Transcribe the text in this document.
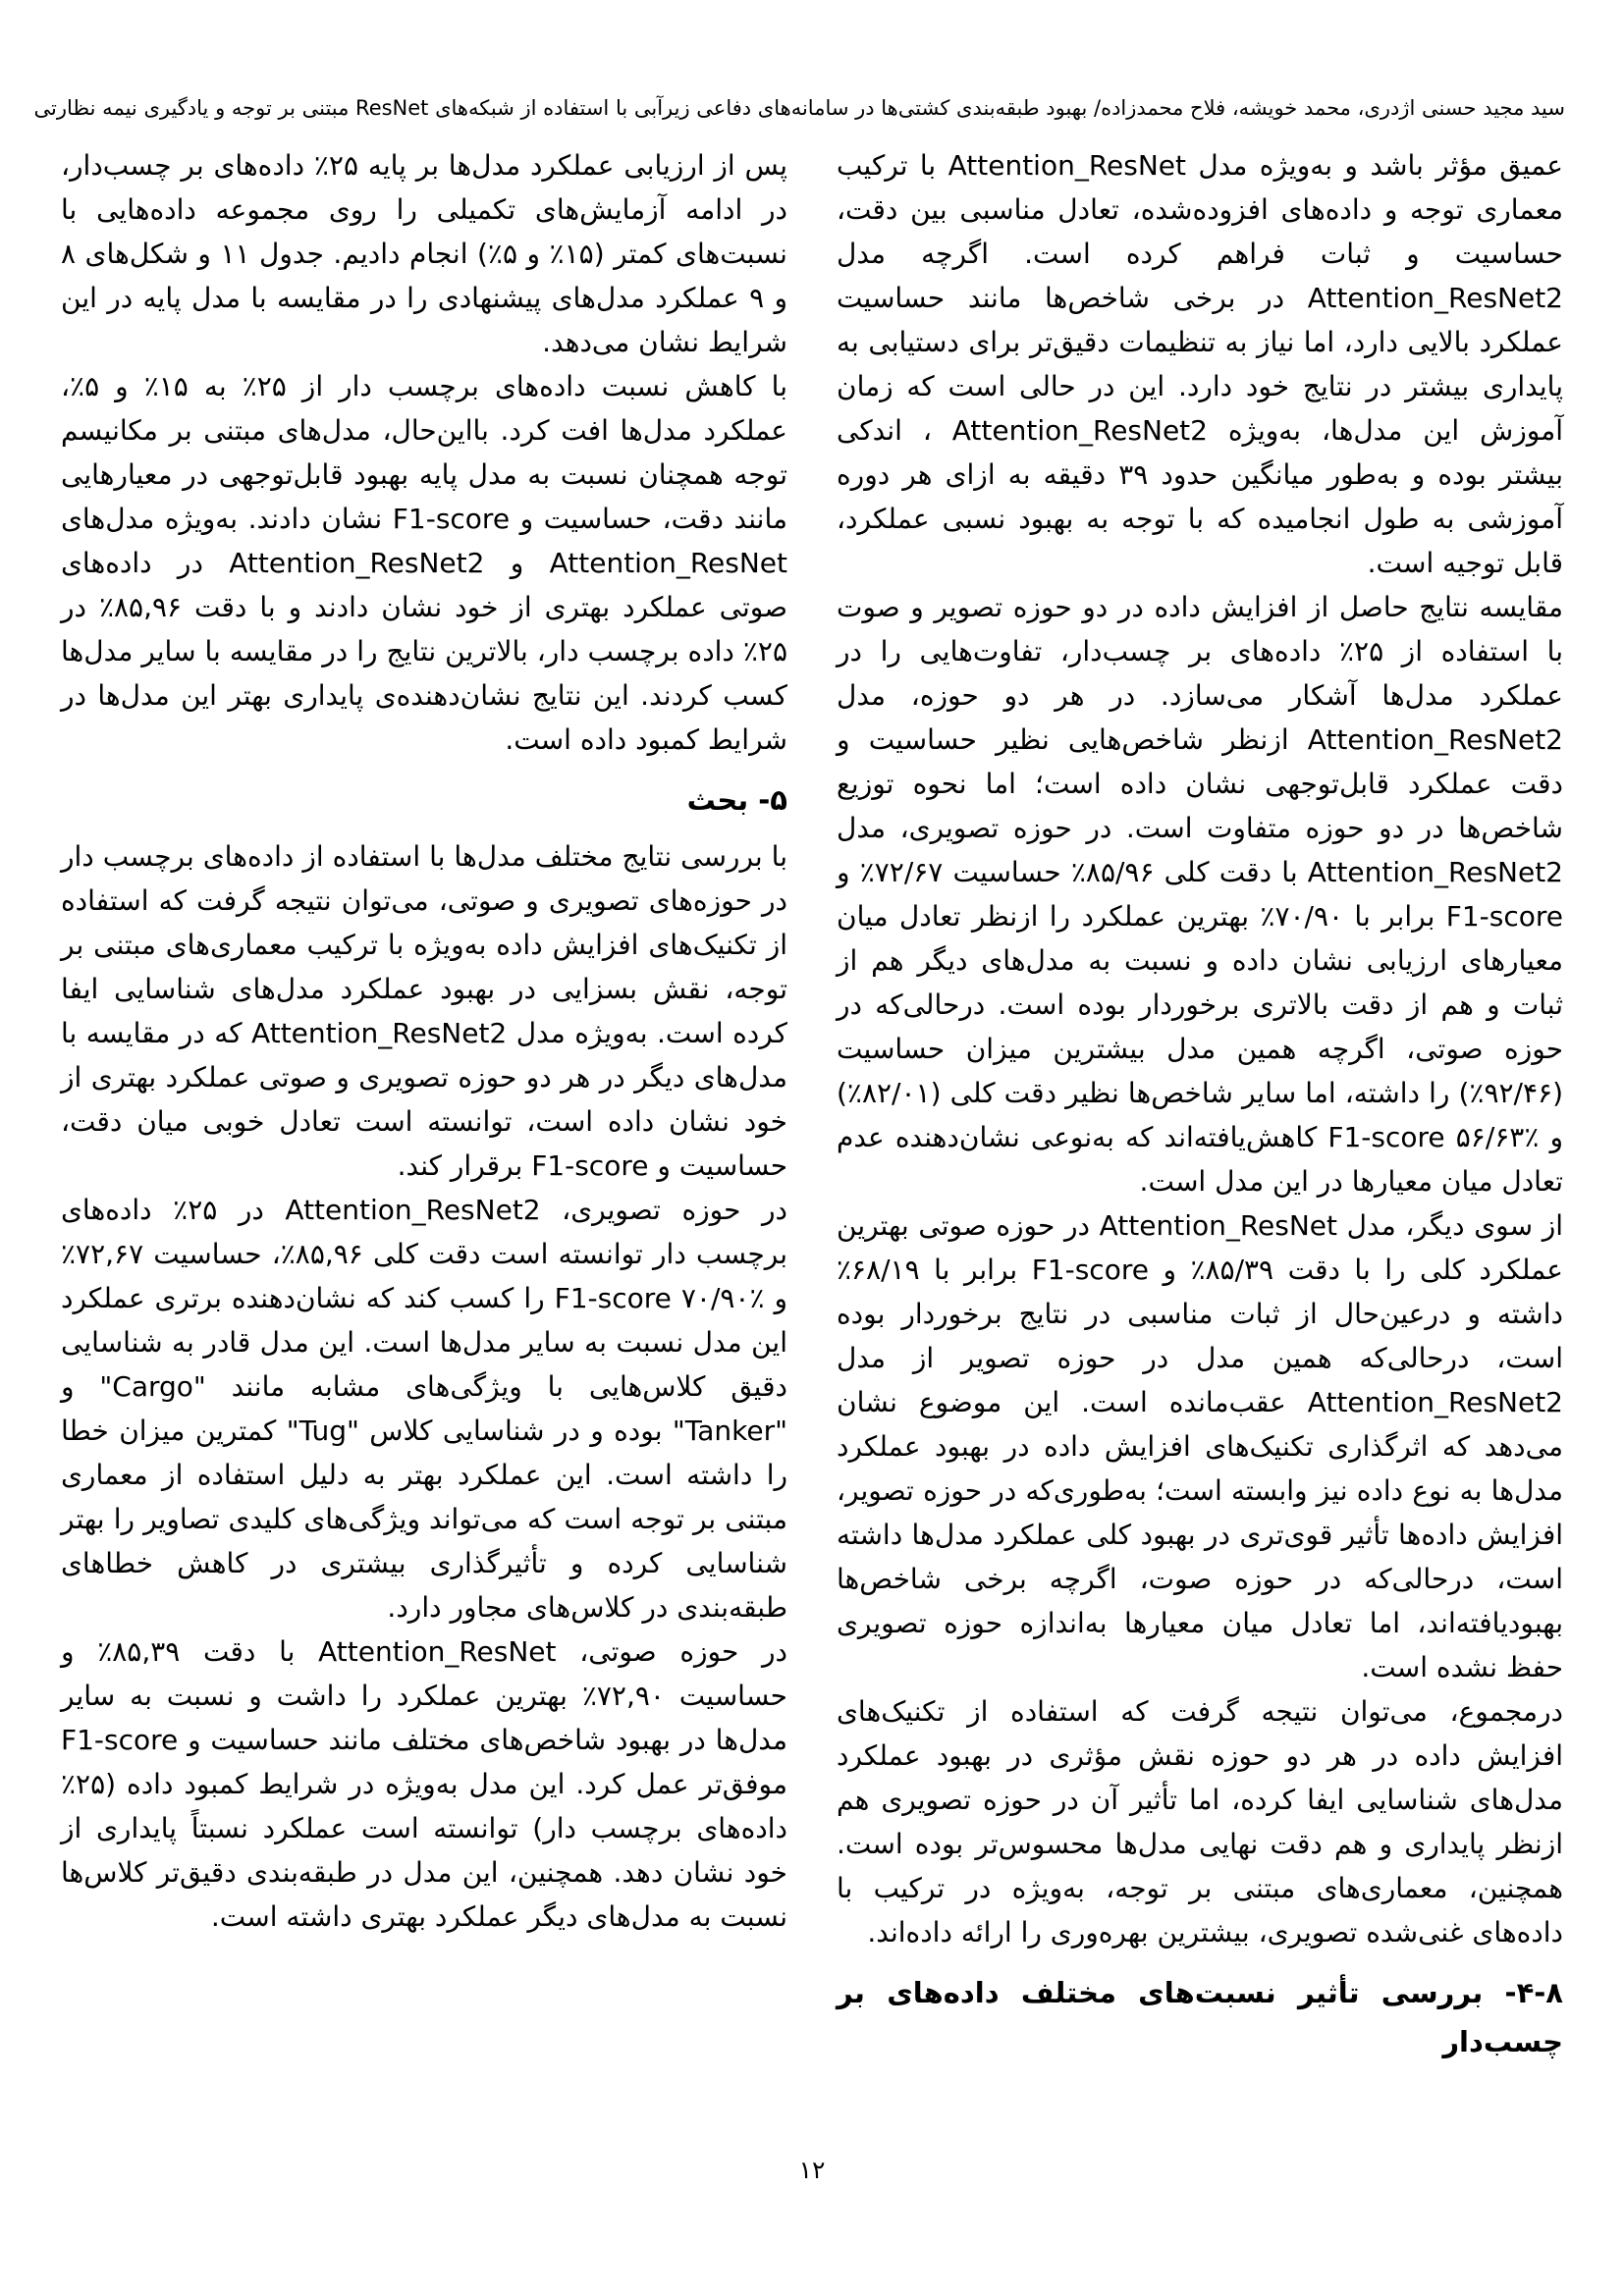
سید مجید حسنی اژدری، محمد خویشه، فلاح محمدزاده/ بهبود طبقه‌بندی کشتی‌ها در سامانه‌های دفاعی زیرآبی با استفاده از شبکه‌های ResNet مبتنی بر توجه و یادگیری نیمه نظارتی

عمیق مؤثر باشد و به‌ویژه مدل Attention_ResNet با ترکیب معماری توجه و داده‌های افزوده‌شده، تعادل مناسبی بین دقت، حساسیت و ثبات فراهم کرده است. اگرچه مدل Attention_ResNet2 در برخی شاخص‌ها مانند حساسیت عملکرد بالایی دارد، اما نیاز به تنظیمات دقیق‌تر برای دستیابی به پایداری بیشتر در نتایج خود دارد. این در حالی است که زمان آموزش این مدل‌ها، به‌ویژه Attention_ResNet2 ، اندکی بیشتر بوده و به‌طور میانگین حدود ۳۹ دقیقه به ازای هر دوره آموزشی به طول انجامیده که با توجه به بهبود نسبی عملکرد، قابل توجیه است.

مقایسه نتایج حاصل از افزایش داده در دو حوزه تصویر و صوت با استفاده از ۲۵٪ داده‌های بر چسب‌دار، تفاوت‌هایی را در عملکرد مدل‌ها آشکار می‌سازد. در هر دو حوزه، مدل Attention_ResNet2 ازنظر شاخص‌هایی نظیر حساسیت و دقت عملکرد قابل‌توجهی نشان داده است؛ اما نحوه توزیع شاخص‌ها در دو حوزه متفاوت است. در حوزه تصویری، مدل Attention_ResNet2 با دقت کلی ۸۵/۹۶٪ حساسیت ۷۲/۶۷٪ و F1-score برابر با ۷۰/۹۰٪ بهترین عملکرد را ازنظر تعادل میان معیارهای ارزیابی نشان داده و نسبت به مدل‌های دیگر هم از ثبات و هم از دقت بالاتری برخوردار بوده است. درحالی‌که در حوزه صوتی، اگرچه همین مدل بیشترین میزان حساسیت (۹۲/۴۶٪) را داشته، اما سایر شاخص‌ها نظیر دقت کلی (۸۲/۰۱٪) و F1-score ۵۶/۶۳٪ کاهش‌یافته‌اند که به‌نوعی نشان‌دهنده عدم تعادل میان معیارها در این مدل است.

از سوی دیگر، مدل Attention_ResNet در حوزه صوتی بهترین عملکرد کلی را با دقت ۸۵/۳۹٪ و F1-score برابر با ۶۸/۱۹٪ داشته و درعین‌حال از ثبات مناسبی در نتایج برخوردار بوده است، درحالی‌که همین مدل در حوزه تصویر از مدل Attention_ResNet2 عقب‌مانده است. این موضوع نشان می‌دهد که اثرگذاری تکنیک‌های افزایش داده در بهبود عملکرد مدل‌ها به نوع داده نیز وابسته است؛ به‌طوری‌که در حوزه تصویر، افزایش داده‌ها تأثیر قوی‌تری در بهبود کلی عملکرد مدل‌ها داشته است، درحالی‌که در حوزه صوت، اگرچه برخی شاخص‌ها بهبودیافته‌اند، اما تعادل میان معیارها به‌اندازه حوزه تصویری حفظ نشده است.

درمجموع، می‌توان نتیجه گرفت که استفاده از تکنیک‌های افزایش داده در هر دو حوزه نقش مؤثری در بهبود عملکرد مدل‌های شناسایی ایفا کرده، اما تأثیر آن در حوزه تصویری هم ازنظر پایداری و هم دقت نهایی مدل‌ها محسوس‌تر بوده است. همچنین، معماری‌های مبتنی بر توجه، به‌ویژه در ترکیب با داده‌های غنی‌شده تصویری، بیشترین بهره‌وری را ارائه داده‌اند.

۴-۸- بررسی تأثیر نسبت‌های مختلف داده‌های بر چسب‌دار

پس از ارزیابی عملکرد مدل‌ها بر پایه ۲۵٪ داده‌های بر چسب‌دار، در ادامه آزمایش‌های تکمیلی را روی مجموعه داده‌هایی با نسبت‌های کمتر (۱۵٪ و ۵٪) انجام دادیم. جدول ۱۱ و شکل‌های ۸ و ۹ عملکرد مدل‌های پیشنهادی را در مقایسه با مدل پایه در این شرایط نشان می‌دهد.

با کاهش نسبت داده‌های برچسب دار از ۲۵٪ به ۱۵٪ و ۵٪، عملکرد مدل‌ها افت کرد. بااین‌حال، مدل‌های مبتنی بر مکانیسم توجه همچنان نسبت به مدل پایه بهبود قابل‌توجهی در معیارهایی مانند دقت، حساسیت و F1-score نشان دادند. به‌ویژه مدل‌های Attention_ResNet و Attention_ResNet2 در داده‌های صوتی عملکرد بهتری از خود نشان دادند و با دقت ۸۵,۹۶٪ در ۲۵٪ داده برچسب دار، بالاترین نتایج را در مقایسه با سایر مدل‌ها کسب کردند. این نتایج نشان‌دهنده‌ی پایداری بهتر این مدل‌ها در شرایط کمبود داده است.

۵- بحث

با بررسی نتایج مختلف مدل‌ها با استفاده از داده‌های برچسب دار در حوزه‌های تصویری و صوتی، می‌توان نتیجه گرفت که استفاده از تکنیک‌های افزایش داده به‌ویژه با ترکیب معماری‌های مبتنی بر توجه، نقش بسزایی در بهبود عملکرد مدل‌های شناسایی ایفا کرده است. به‌ویژه مدل Attention_ResNet2 که در مقایسه با مدل‌های دیگر در هر دو حوزه تصویری و صوتی عملکرد بهتری از خود نشان داده است، توانسته است تعادل خوبی میان دقت، حساسیت و F1-score برقرار کند.

در حوزه تصویری، Attention_ResNet2 در ۲۵٪ داده‌های برچسب دار توانسته است دقت کلی ۸۵,۹۶٪، حساسیت ۷۲,۶۷٪ و F1-score ۷۰/۹۰٪ را کسب کند که نشان‌دهنده برتری عملکرد این مدل نسبت به سایر مدل‌ها است. این مدل قادر به شناسایی دقیق کلاس‌هایی با ویژگی‌های مشابه مانند "Cargo" و "Tanker" بوده و در شناسایی کلاس "Tug" کمترین میزان خطا را داشته است. این عملکرد بهتر به دلیل استفاده از معماری مبتنی بر توجه است که می‌تواند ویژگی‌های کلیدی تصاویر را بهتر شناسایی کرده و تأثیرگذاری بیشتری در کاهش خطاهای طبقه‌بندی در کلاس‌های مجاور دارد.

در حوزه صوتی، Attention_ResNet با دقت ۸۵,۳۹٪ و حساسیت ۷۲,۹۰٪ بهترین عملکرد را داشت و نسبت به سایر مدل‌ها در بهبود شاخص‌های مختلف مانند حساسیت و F1-score موفق‌تر عمل کرد. این مدل به‌ویژه در شرایط کمبود داده (۲۵٪ داده‌های برچسب دار) توانسته است عملکرد نسبتاً پایداری از خود نشان دهد. همچنین، این مدل در طبقه‌بندی دقیق‌تر کلاس‌ها نسبت به مدل‌های دیگر عملکرد بهتری داشته است.

۱۲
